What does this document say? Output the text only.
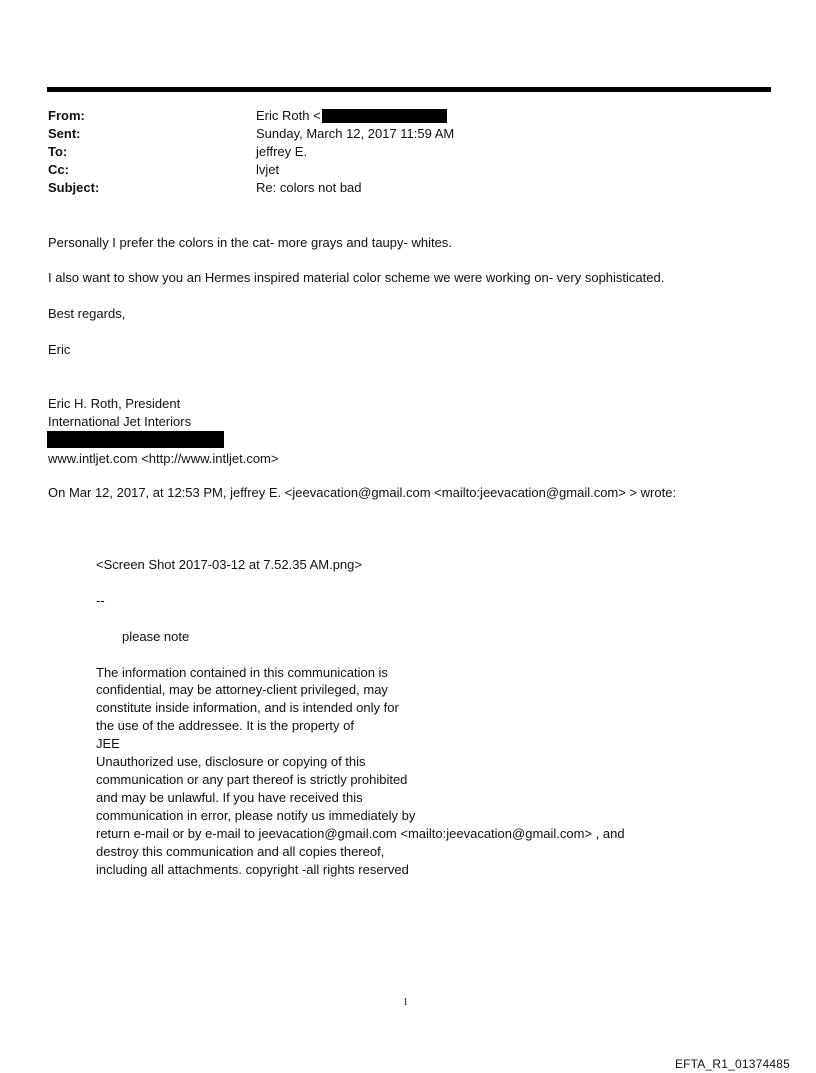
From:	Eric Roth <
Sent:	Sunday, March 12, 2017 11:59 AM
To:	jeffrey E.
Cc:	lvjet
Subject:	Re: colors not bad
Personally I prefer the colors in the cat- more grays and taupy- whites.
I also want to show you an Hermes inspired material color scheme we were working on- very sophisticated.
Best regards,
Eric
Eric H. Roth, President
International Jet Interiors
www.intljet.com <http://www.intljet.com>
On Mar 12, 2017, at 12:53 PM, jeffrey E. <jeevacation@gmail.com <mailto:jeevacation@gmail.com> > wrote:
<Screen Shot 2017-03-12 at 7.52.35 AM.png>
--
please note
The information contained in this communication is
confidential, may be attorney-client privileged, may
constitute inside information, and is intended only for
the use of the addressee. It is the property of
JEE
Unauthorized use, disclosure or copying of this
communication or any part thereof is strictly prohibited
and may be unlawful. If you have received this
communication in error, please notify us immediately by
return e-mail or by e-mail to jeevacation@gmail.com <mailto:jeevacation@gmail.com> , and
destroy this communication and all copies thereof,
including all attachments. copyright -all rights reserved
1
EFTA_R1_01374485
